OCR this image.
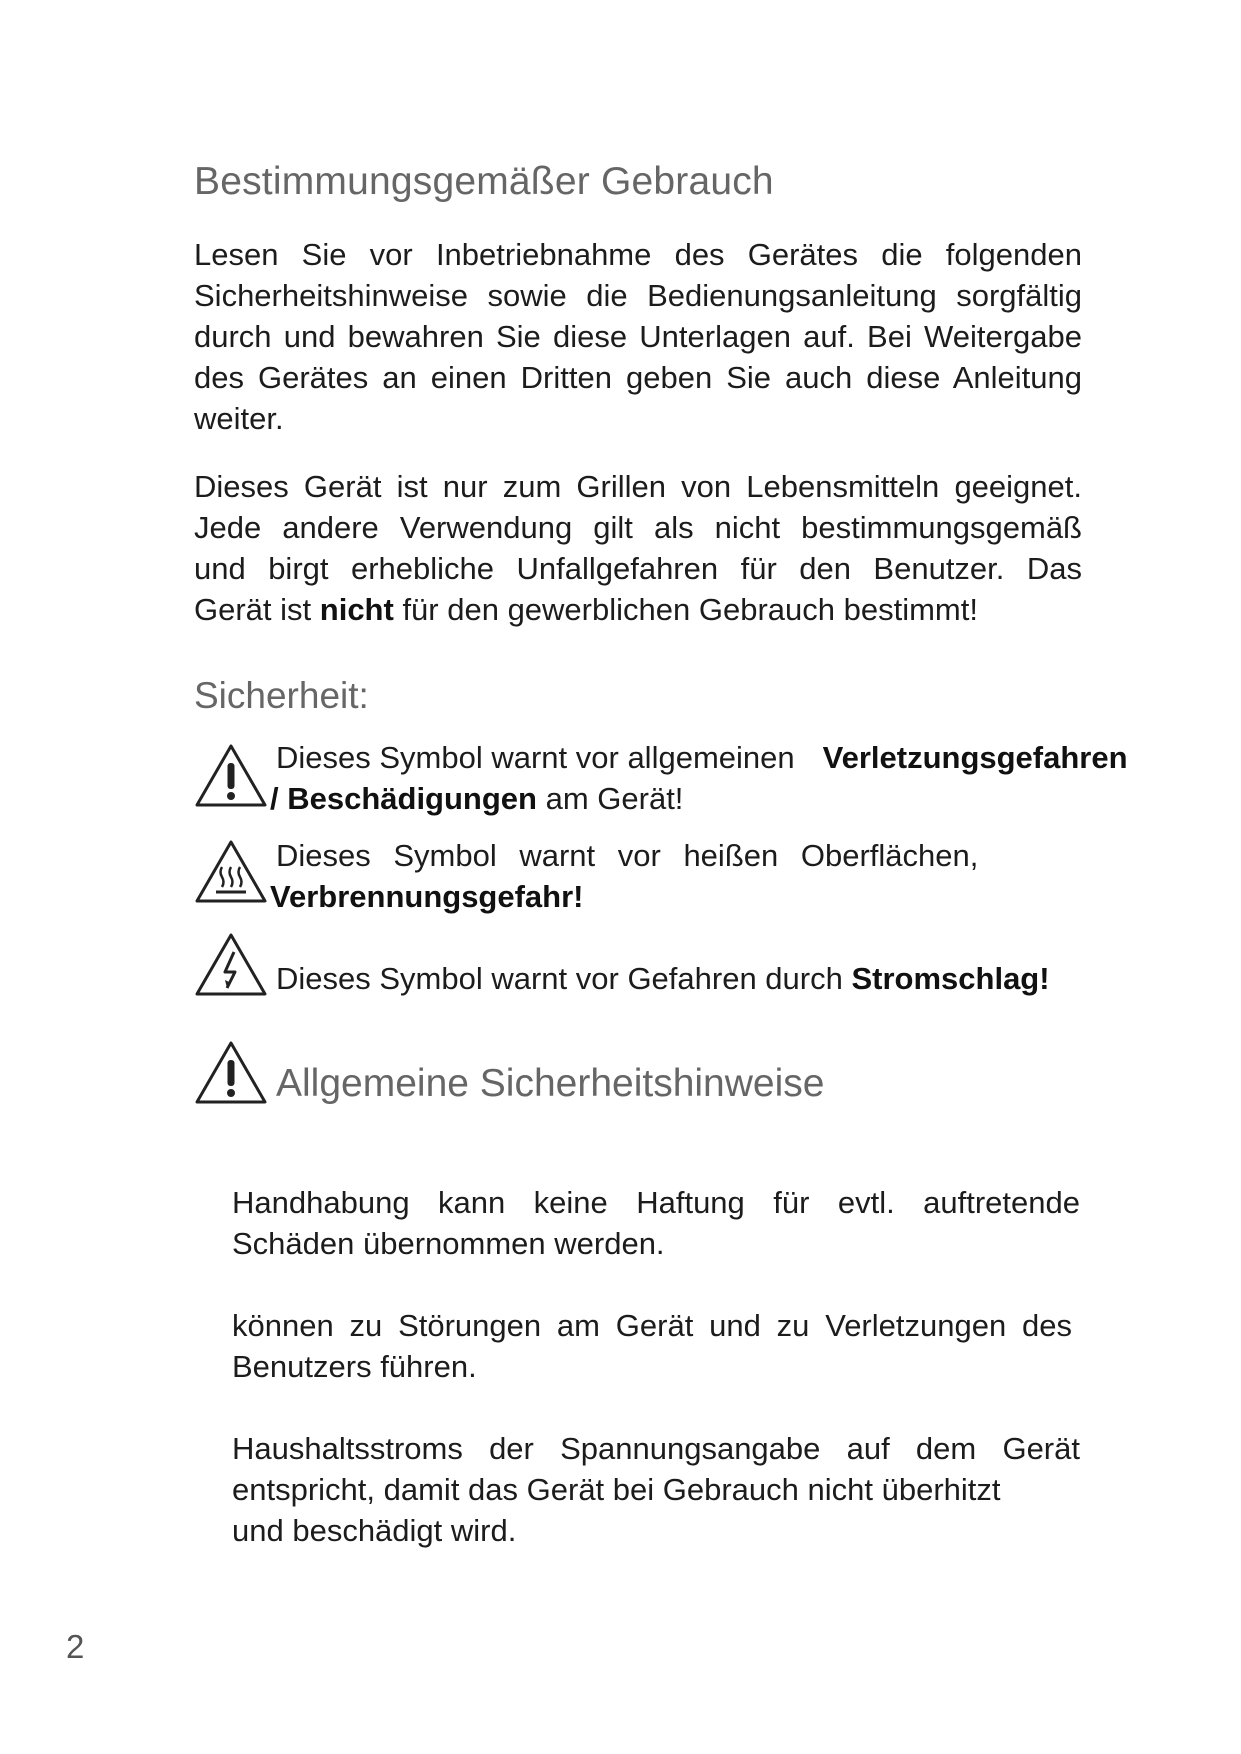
Bestimmungsgemäßer Gebrauch

Lesen Sie vor Inbetriebnahme des Gerätes die folgenden
Sicherheitshinweise sowie die Bedienungsanleitung sorgfältig
durch und bewahren Sie diese Unterlagen auf. Bei Weitergabe
des Gerätes an einen Dritten geben Sie auch diese Anleitung
weiter.

Dieses Gerät ist nur zum Grillen von Lebensmitteln geeignet.
Jede andere Verwendung gilt als nicht bestimmungsgemäß
und birgt erhebliche Unfallgefahren für den Benutzer. Das
Gerät ist nicht für den gewerblichen Gebrauch bestimmt!

Sicherheit:
Dieses Symbol warnt vor allgemeinen Verletzungsgefahren
/ Beschädigungen am Gerät!
Dieses Symbol warnt vor heißen Oberflächen,
Verbrennungsgefahr!
Dieses Symbol warnt vor Gefahren durch Stromschlag!
Allgemeine Sicherheitshinweise
Handhabung kann keine Haftung für evtl. auftretende
Schäden übernommen werden.
können zu Störungen am Gerät und zu Verletzungen des
Benutzers führen.
Haushaltsstroms der Spannungsangabe auf dem Gerät
entspricht, damit das Gerät bei Gebrauch nicht überhitzt
und beschädigt wird.
2
